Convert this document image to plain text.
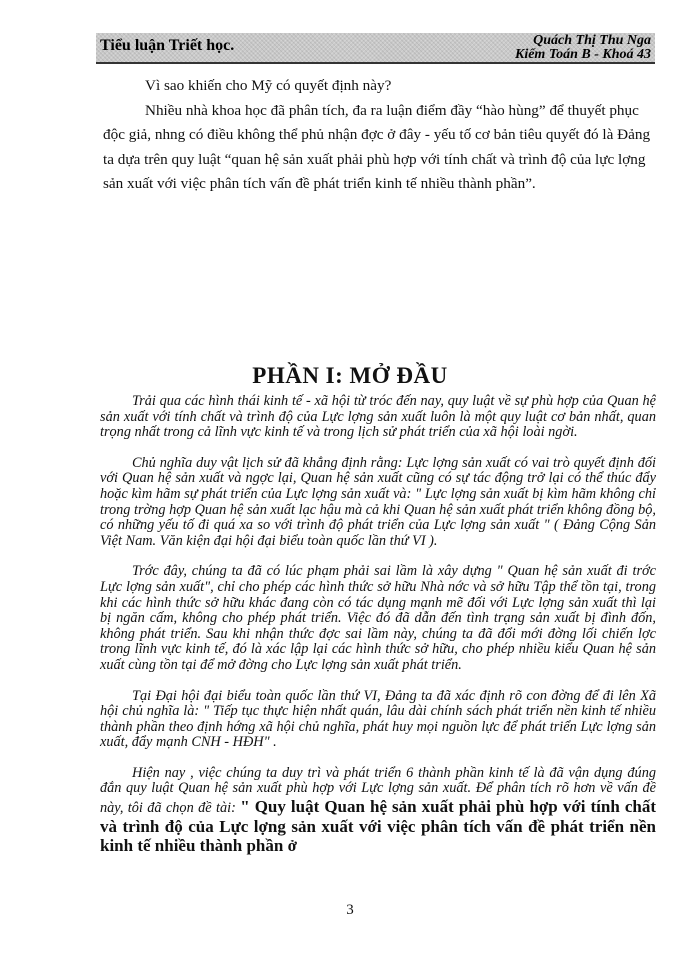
Tiểu luận Triết học.	Quách Thị Thu Nga
Kiểm Toán B - Khoá 43

Vì sao khiến cho Mỹ có quyết định này?

Nhiều nhà khoa học đã phân tích, đa ra luận điểm đầy “hào hùng” để thuyết phục độc giả, nhng có điều không thể phủ nhận đợc ở đây - yếu tố cơ bản tiêu quyết đó là Đảng ta dựa trên quy luật “quan hệ sản xuất phải phù hợp với tính chất và trình độ của lực lợng sản xuất với việc phân tích vấn đề phát triển kinh tế nhiều thành phần”.

PHẦN I: MỞ ĐẦU

Trải qua các hình thái kinh tế - xã hội từ tróc đến nay, quy luật về sự phù hợp của Quan hệ sản xuất với tính chất và trình độ của Lực lợng sản xuất luôn là một quy luật cơ bản nhất, quan trọng nhất trong cả lĩnh vực kinh tế và trong lịch sử phát triển của xã hội loài ngời.

Chủ nghĩa duy vật lịch sử đã khẳng định rằng: Lực lợng sản xuất có vai trò quyết định đối với Quan hệ sản xuất và ngợc lại, Quan hệ sản xuất cũng có sự tác động trở lại có thể thúc đẩy hoặc kìm hãm sự phát triển của Lực lợng sản xuất và: " Lực lợng sản xuất bị kìm hãm không chỉ trong trờng hợp Quan hệ sản xuất lạc hậu mà cả khi Quan hệ sản xuất phát triển không đồng bộ, có những yếu tố đi quá xa so với trình độ phát triển của Lực lợng sản xuất " ( Đảng Cộng Sản Việt Nam. Văn kiện đại hội đại biểu toàn quốc lần thứ VI ).

Trớc đây, chúng ta đã có lúc phạm phải sai lầm là xây dựng " Quan hệ sản xuất đi trớc Lực lợng sản xuất", chỉ cho phép các hình thức sở hữu Nhà nớc và sở hữu Tập thể tồn tại, trong khi các hình thức sở hữu khác đang còn có tác dụng mạnh mẽ đối với Lực lợng sản xuất thì lại bị ngăn cấm, không cho phép phát triển. Việc đó đã dẫn đến tình trạng sản xuất bị đình đốn, không phát triển. Sau khi nhận thức đợc sai lầm này, chúng ta đã đổi mới đờng lối chiến lợc trong lĩnh vực kinh tế, đó là xác lập lại các hình thức sở hữu, cho phép nhiều kiểu Quan hệ sản xuất cùng tồn tại để mở đờng cho Lực lợng sản xuất phát triển.

Tại Đại hội đại biểu toàn quốc lần thứ VI, Đảng ta đã xác định rõ con đờng để đi lên Xã hội chủ nghĩa là: " Tiếp tục thực hiện nhất quán, lâu dài chính sách phát triển nền kinh tế nhiều thành phần theo định hớng xã hội chủ nghĩa, phát huy mọi nguồn lực để phát triển Lực lợng sản xuất, đẩy mạnh CNH - HĐH" .

Hiện nay , việc chúng ta duy trì và phát triển 6 thành phần kinh tế là đã vận dụng đúng đắn quy luật Quan hệ sản xuất phù hợp với Lực lợng sản xuất. Để phân tích rõ hơn về vấn đề này, tôi đã chọn đề tài: " Quy luật Quan hệ sản xuất phải phù hợp với tính chất và trình độ của Lực lợng sản xuất với việc phân tích vấn đề phát triển nền kinh tế nhiều thành phần ở

3
